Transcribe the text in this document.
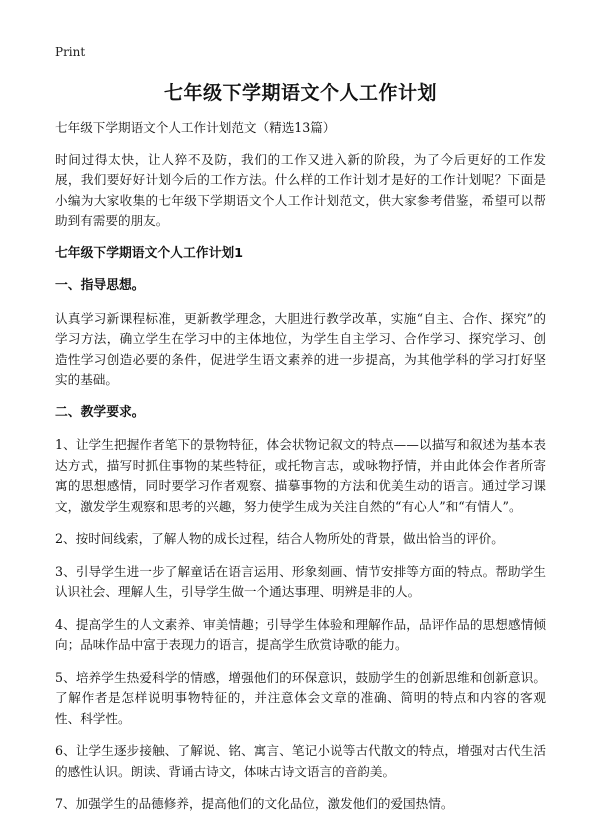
Print
七年级下学期语文个人工作计划
七年级下学期语文个人工作计划范文（精选13篇）
时间过得太快，让人猝不及防，我们的工作又进入新的阶段，为了今后更好的工作发展，我们要好好计划今后的工作方法。什么样的工作计划才是好的工作计划呢？下面是小编为大家收集的七年级下学期语文个人工作计划范文，供大家参考借鉴，希望可以帮助到有需要的朋友。
七年级下学期语文个人工作计划1
一、指导思想。
认真学习新课程标准，更新教学理念，大胆进行教学改革，实施“自主、合作、探究”的学习方法，确立学生在学习中的主体地位，为学生自主学习、合作学习、探究学习、创造性学习创造必要的条件，促进学生语文素养的进一步提高，为其他学科的学习打好坚实的基础。
二、教学要求。
1、让学生把握作者笔下的景物特征，体会状物记叙文的特点——以描写和叙述为基本表达方式，描写时抓住事物的某些特征，或托物言志，或咏物抒情，并由此体会作者所寄寓的思想感情，同时要学习作者观察、描摹事物的方法和优美生动的语言。通过学习课文，激发学生观察和思考的兴趣，努力使学生成为关注自然的“有心人”和“有情人”。
2、按时间线索，了解人物的成长过程，结合人物所处的背景，做出恰当的评价。
3、引导学生进一步了解童话在语言运用、形象刻画、情节安排等方面的特点。帮助学生认识社会、理解人生，引导学生做一个通达事理、明辨是非的人。
4、提高学生的人文素养、审美情趣；引导学生体验和理解作品，品评作品的思想感情倾向；品味作品中富于表现力的语言，提高学生欣赏诗歌的能力。
5、培养学生热爱科学的情感，增强他们的环保意识，鼓励学生的创新思维和创新意识。了解作者是怎样说明事物特征的，并注意体会文章的准确、简明的特点和内容的客观性、科学性。
6、让学生逐步接触、了解说、铭、寓言、笔记小说等古代散文的特点，增强对古代生活的感性认识。朗读、背诵古诗文，体味古诗文语言的音韵美。
7、加强学生的品德修养，提高他们的文化品位，激发他们的爱国热情。
